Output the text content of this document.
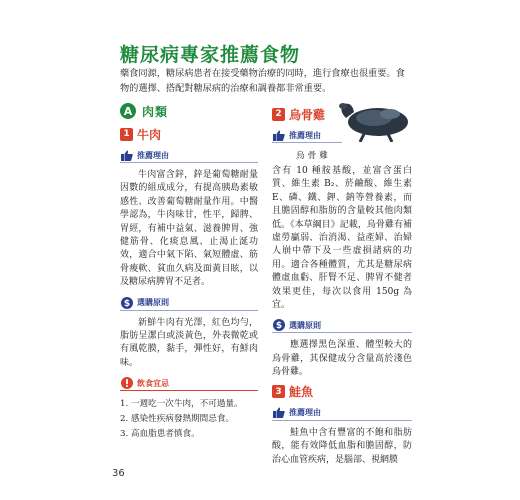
糖尿病專家推薦食物
藥食同源，糖尿病患者在接受藥物治療的同時，進行食療也很重要。食物的選擇、搭配對糖尿病的治療和調養都非常重要。
A 肉類
1 牛肉
推薦理由

牛肉富含鋅，鋅是葡萄糖耐量因數的組成成分，有提高胰島素敏感性、改善葡萄糖耐量作用。中醫學認為，牛肉味甘，性平，歸脾、胃經，有補中益氣、滋養脾胃、強健筋骨、化痰息風、止渴止涎功效，適合中氣下陷、氣短體虛、筋骨痠軟、貧血久病及面黃目眩，以及糖尿病脾胃不足者。

$ 選購原則

新鮮牛肉有光澤，紅色均勻，脂肪呈潔白或淡黃色，外表微乾或有風乾膜，黏手，彈性好，有鮮肉味。

飲食宜忌

1. 一週吃一次牛肉，不可過量。

2. 感染性疾病發熱期間忌食。

3. 高血脂患者慎食。

2 烏骨雞
推薦理由
烏骨雞

含有 10 種胺基酸，並富含蛋白質、維生素 B₂、菸鹼酸、維生素 E、磷、鐵、鉀、鈉等營養素，而且膽固醇和脂肪的含量較其他肉類低。《本草綱目》記載，烏骨雞有補虛勞贏弱、治消渴、益產婦、治婦人崩中帶下及一些虛損諸病的功用。適合各種體質，尤其是糖尿病體虛血虧、肝腎不足、脾胃不健者效果更佳，每次以食用 150g 為宜。

$ 選購原則

應選擇黑色深重、體型較大的烏骨雞，其保健成分含量高於淺色烏骨雞。

3 鮭魚
推薦理由

鮭魚中含有豐富的不飽和脂肪酸，能有效降低血脂和膽固醇，防治心血管疾病，是腦部、視網膜

36
